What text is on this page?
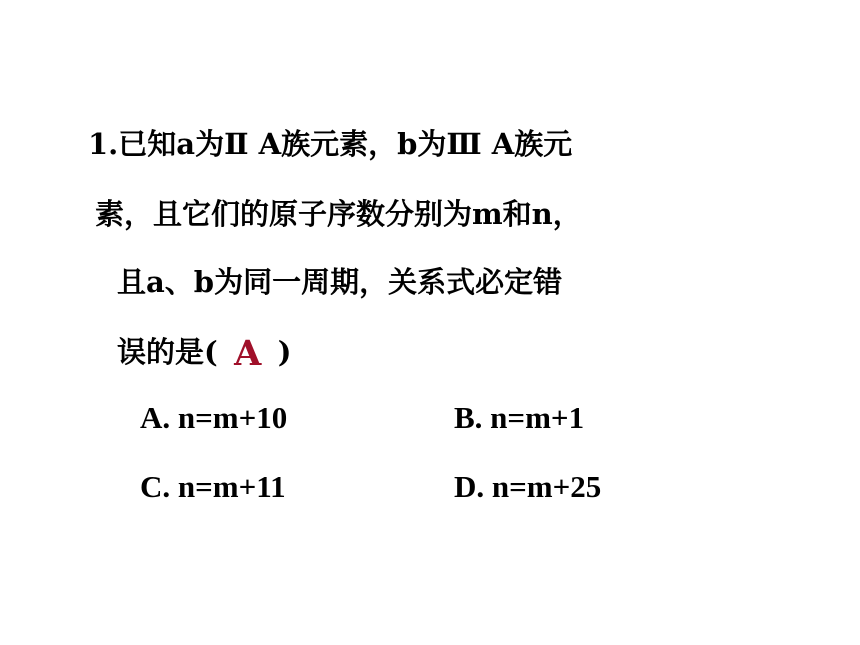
1.已知a为Ⅱ A族元素，b为Ⅲ A族元
素，且它们的原子序数分别为m和n，
且a、b为同一周期，关系式必定错
误的是( A )
A. n=m+10	B. n=m+1
C. n=m+11	D. n=m+25
